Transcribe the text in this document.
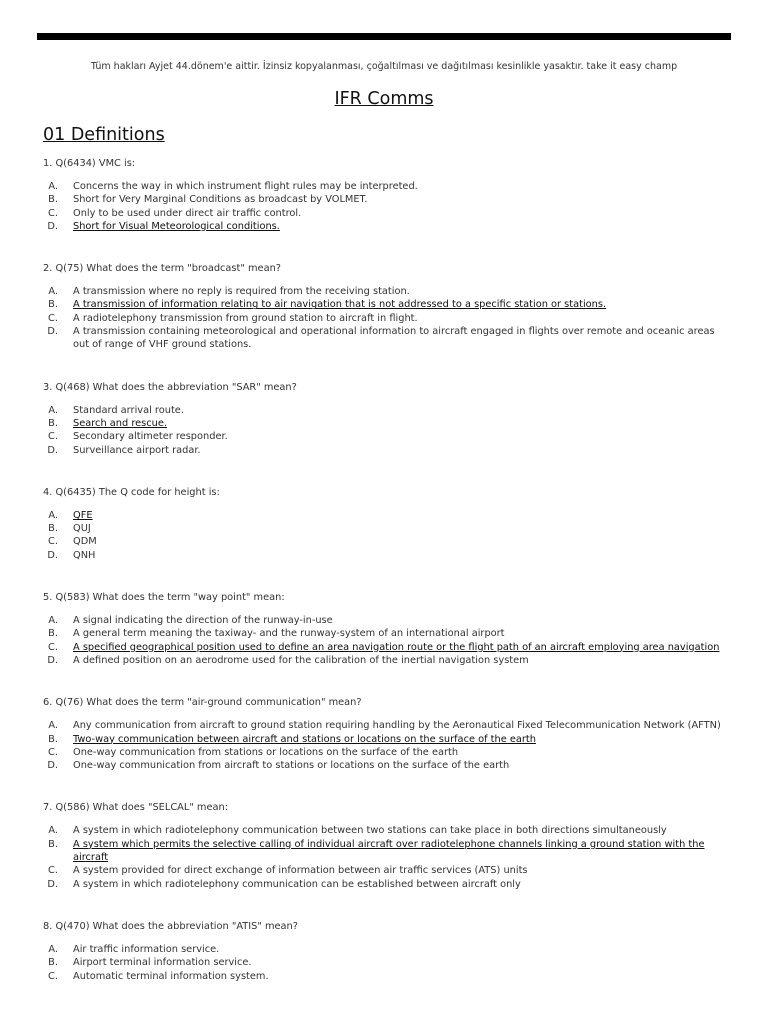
Tüm hakları Ayjet 44.dönem'e aittir. İzinsiz kopyalanması, çoğaltılması ve dağıtılması kesinlikle yasaktır. take it easy champ
IFR Comms
01 Definitions
1. Q(6434) VMC is:
A. Concerns the way in which instrument flight rules may be interpreted.
B. Short for Very Marginal Conditions as broadcast by VOLMET.
C. Only to be used under direct air traffic control.
D. Short for Visual Meteorological conditions.
2. Q(75) What does the term "broadcast" mean?
A. A transmission where no reply is required from the receiving station.
B. A transmission of information relating to air navigation that is not addressed to a specific station or stations.
C. A radiotelephony transmission from ground station to aircraft in flight.
D. A transmission containing meteorological and operational information to aircraft engaged in flights over remote and oceanic areas out of range of VHF ground stations.
3. Q(468) What does the abbreviation "SAR" mean?
A. Standard arrival route.
B. Search and rescue.
C. Secondary altimeter responder.
D. Surveillance airport radar.
4. Q(6435) The Q code for height is:
A. QFE
B. QUJ
C. QDM
D. QNH
5. Q(583) What does the term "way point" mean:
A. A signal indicating the direction of the runway-in-use
B. A general term meaning the taxiway- and the runway-system of an international airport
C. A specified geographical position used to define an area navigation route or the flight path of an aircraft employing area navigation
D. A defined position on an aerodrome used for the calibration of the inertial navigation system
6. Q(76) What does the term "air-ground communication" mean?
A. Any communication from aircraft to ground station requiring handling by the Aeronautical Fixed Telecommunication Network (AFTN)
B. Two-way communication between aircraft and stations or locations on the surface of the earth
C. One-way communication from stations or locations on the surface of the earth
D. One-way communication from aircraft to stations or locations on the surface of the earth
7. Q(586) What does "SELCAL" mean:
A. A system in which radiotelephony communication between two stations can take place in both directions simultaneously
B. A system which permits the selective calling of individual aircraft over radiotelephone channels linking a ground station with the aircraft
C. A system provided for direct exchange of information between air traffic services (ATS) units
D. A system in which radiotelephony communication can be established between aircraft only
8. Q(470) What does the abbreviation "ATIS" mean?
A. Air traffic information service.
B. Airport terminal information service.
C. Automatic terminal information system.
